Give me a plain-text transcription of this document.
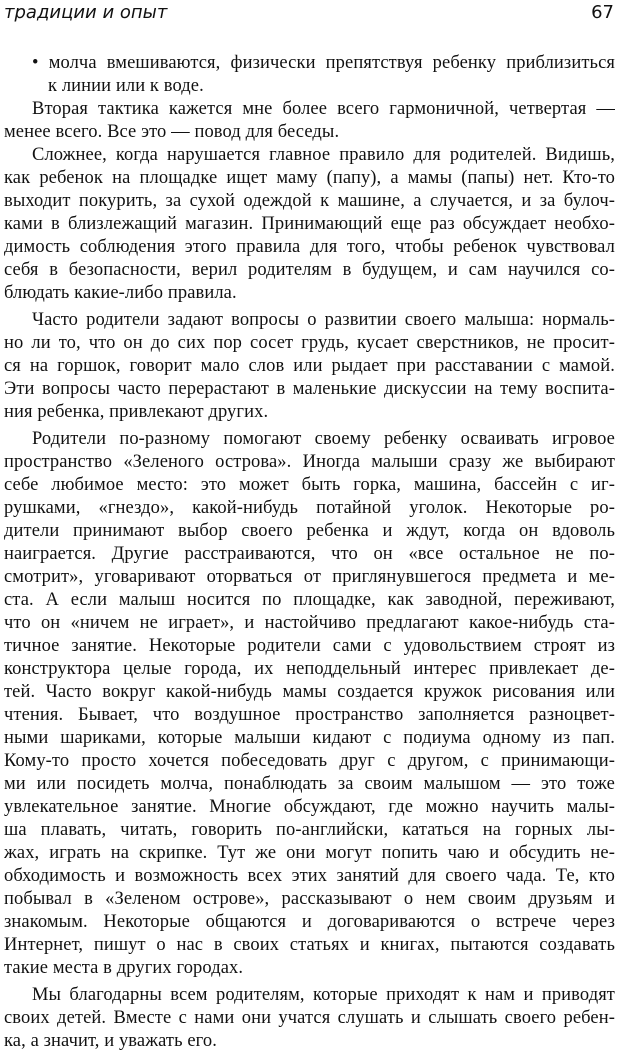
традиции и опыт	67
• молча вмешиваются, физически препятствуя ребенку приблизиться
к линии или к воде.
Вторая тактика кажется мне более всего гармоничной, четвертая —
менее всего. Все это — повод для беседы.
Сложнее, когда нарушается главное правило для родителей. Видишь,
как ребенок на площадке ищет маму (папу), а мамы (папы) нет. Кто-то
выходит покурить, за сухой одеждой к машине, а случается, и за булоч-
ками в близлежащий магазин. Принимающий еще раз обсуждает необхо-
димость соблюдения этого правила для того, чтобы ребенок чувствовал
себя в безопасности, верил родителям в будущем, и сам научился со-
блюдать какие-либо правила.
Часто родители задают вопросы о развитии своего малыша: нормаль-
но ли то, что он до сих пор сосет грудь, кусает сверстников, не просит-
ся на горшок, говорит мало слов или рыдает при расставании с мамой.
Эти вопросы часто перерастают в маленькие дискуссии на тему воспита-
ния ребенка, привлекают других.
Родители по-разному помогают своему ребенку осваивать игровое
пространство «Зеленого острова». Иногда малыши сразу же выбирают
себе любимое место: это может быть горка, машина, бассейн с иг-
рушками, «гнездо», какой-нибудь потайной уголок. Некоторые ро-
дители принимают выбор своего ребенка и ждут, когда он вдоволь
наиграется. Другие расстраиваются, что он «все остальное не по-
смотрит», уговаривают оторваться от приглянувшегося предмета и ме-
ста. А если малыш носится по площадке, как заводной, переживают,
что он «ничем не играет», и настойчиво предлагают какое-нибудь ста-
тичное занятие. Некоторые родители сами с удовольствием строят из
конструктора целые города, их неподдельный интерес привлекает де-
тей. Часто вокруг какой-нибудь мамы создается кружок рисования или
чтения. Бывает, что воздушное пространство заполняется разноцвет-
ными шариками, которые малыши кидают с подиума одному из пап.
Кому-то просто хочется побеседовать друг с другом, с принимающи-
ми или посидеть молча, понаблюдать за своим малышом — это тоже
увлекательное занятие. Многие обсуждают, где можно научить малы-
ша плавать, читать, говорить по-английски, кататься на горных лы-
жах, играть на скрипке. Тут же они могут попить чаю и обсудить не-
обходимость и возможность всех этих занятий для своего чада. Те, кто
побывал в «Зеленом острове», рассказывают о нем своим друзьям и
знакомым. Некоторые общаются и договариваются о встрече через
Интернет, пишут о нас в своих статьях и книгах, пытаются создавать
такие места в других городах.
Мы благодарны всем родителям, которые приходят к нам и приводят
своих детей. Вместе с нами они учатся слушать и слышать своего ребен-
ка, а значит, и уважать его.
